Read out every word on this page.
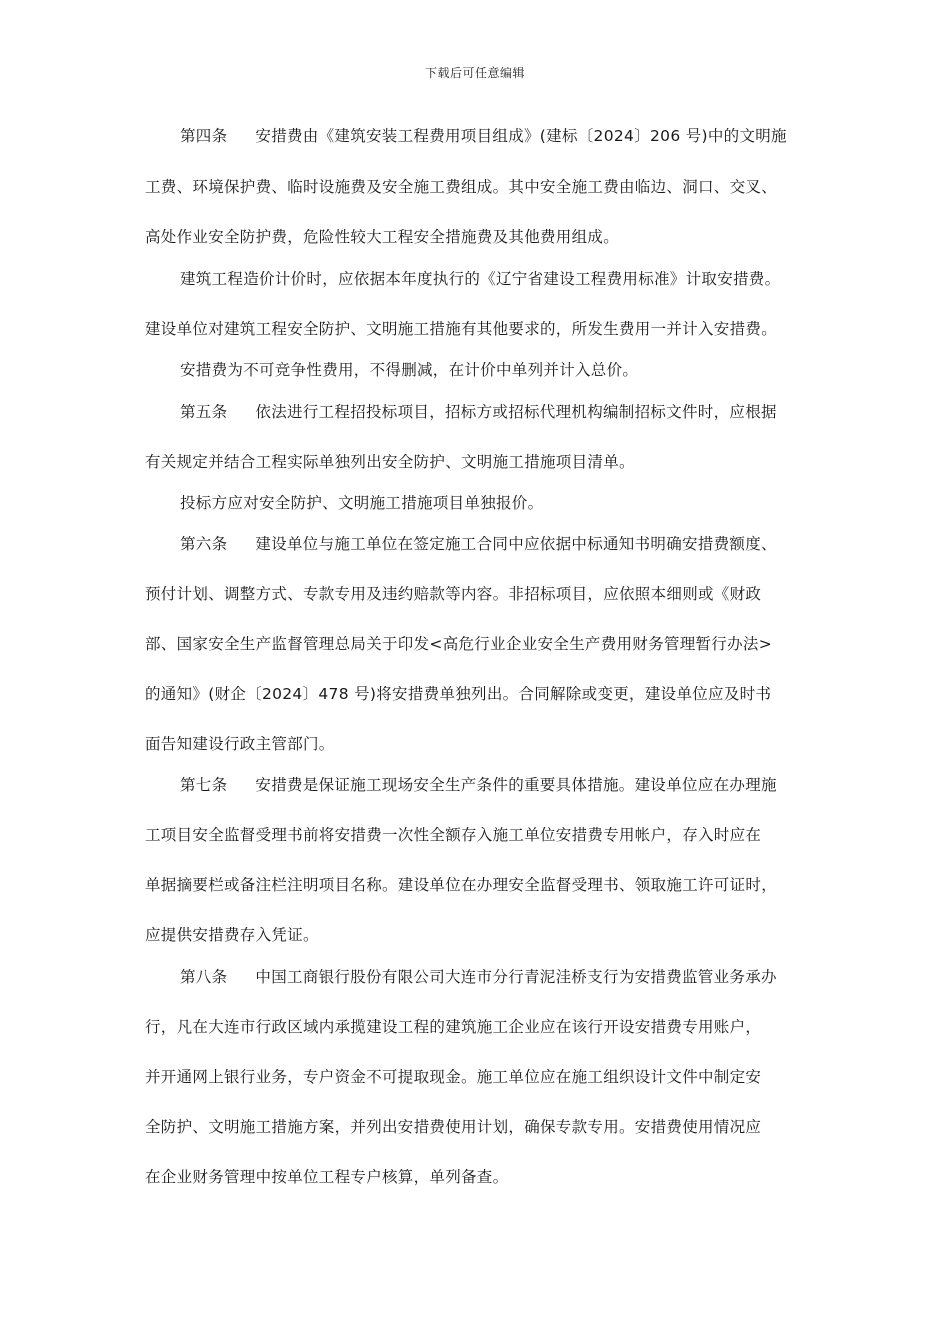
下载后可任意编辑
第四条 安措费由《建筑安装工程费用项目组成》(建标〔2024〕206 号)中的文明施
工费、环境保护费、临时设施费及安全施工费组成。其中安全施工费由临边、洞口、交叉、
高处作业安全防护费，危险性较大工程安全措施费及其他费用组成。
建筑工程造价计价时，应依据本年度执行的《辽宁省建设工程费用标准》计取安措费。
建设单位对建筑工程安全防护、文明施工措施有其他要求的，所发生费用一并计入安措费。
安措费为不可竞争性费用，不得删减，在计价中单列并计入总价。
第五条 依法进行工程招投标项目，招标方或招标代理机构编制招标文件时，应根据
有关规定并结合工程实际单独列出安全防护、文明施工措施项目清单。
投标方应对安全防护、文明施工措施项目单独报价。
第六条 建设单位与施工单位在签定施工合同中应依据中标通知书明确安措费额度、
预付计划、调整方式、专款专用及违约赔款等内容。非招标项目，应依照本细则或《财政
部、国家安全生产监督管理总局关于印发<高危行业企业安全生产费用财务管理暂行办法>
的通知》(财企〔2024〕478 号)将安措费单独列出。合同解除或变更，建设单位应及时书
面告知建设行政主管部门。
第七条 安措费是保证施工现场安全生产条件的重要具体措施。建设单位应在办理施
工项目安全监督受理书前将安措费一次性全额存入施工单位安措费专用帐户，存入时应在
单据摘要栏或备注栏注明项目名称。建设单位在办理安全监督受理书、领取施工许可证时，
应提供安措费存入凭证。
第八条 中国工商银行股份有限公司大连市分行青泥洼桥支行为安措费监管业务承办
行，凡在大连市行政区域内承揽建设工程的建筑施工企业应在该行开设安措费专用账户，
并开通网上银行业务，专户资金不可提取现金。施工单位应在施工组织设计文件中制定安
全防护、文明施工措施方案，并列出安措费使用计划，确保专款专用。安措费使用情况应
在企业财务管理中按单位工程专户核算，单列备查。
